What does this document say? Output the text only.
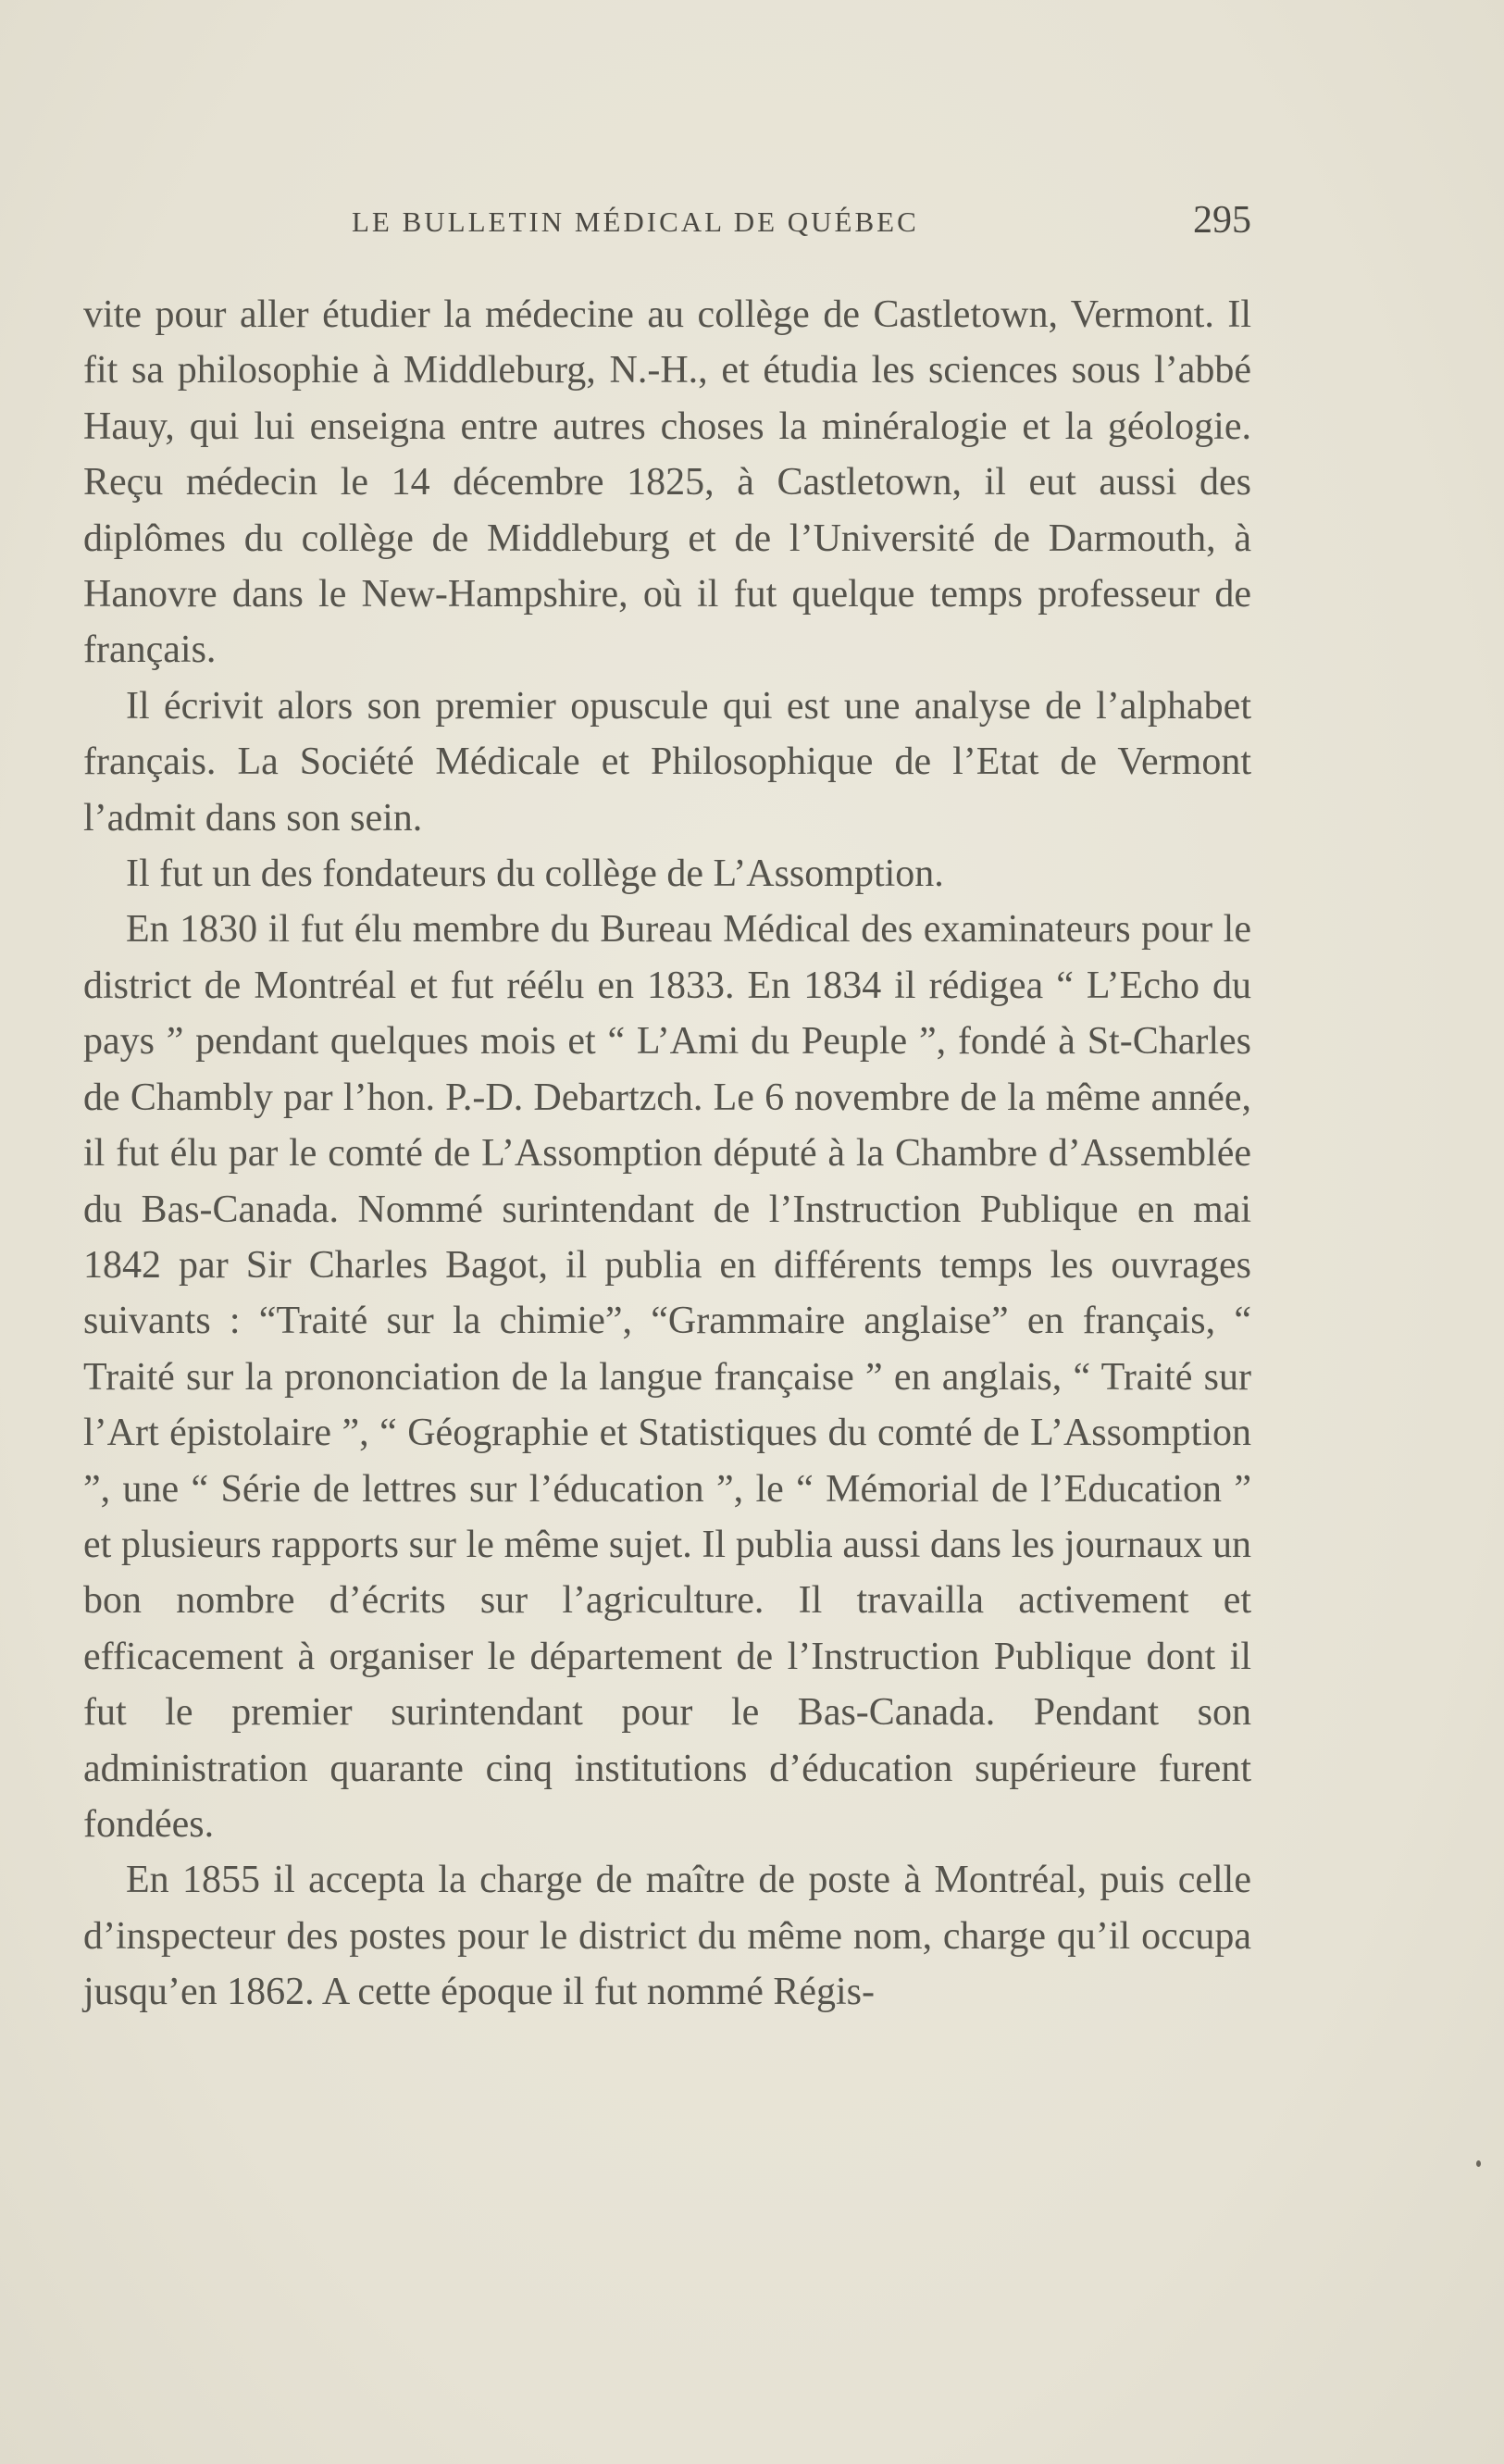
LE BULLETIN MÉDICAL DE QUÉBEC	295

vite pour aller étudier la médecine au collège de Castletown, Vermont. Il fit sa philosophie à Middleburg, N.-H., et étudia les sciences sous l’abbé Hauy, qui lui enseigna entre autres choses la minéralogie et la géologie. Reçu médecin le 14 décembre 1825, à Castletown, il eut aussi des diplômes du collège de Middleburg et de l’Université de Darmouth, à Hanovre dans le New-Hampshire, où il fut quelque temps professeur de français.

Il écrivit alors son premier opuscule qui est une analyse de l’alphabet français. La Société Médicale et Philosophique de l’Etat de Vermont l’admit dans son sein.

Il fut un des fondateurs du collège de L’Assomption.

En 1830 il fut élu membre du Bureau Médical des examinateurs pour le district de Montréal et fut réélu en 1833. En 1834 il rédigea “ L’Echo du pays ” pendant quelques mois et “ L’Ami du Peuple ”, fondé à St-Charles de Chambly par l’hon. P.-D. Debartzch. Le 6 novembre de la même année, il fut élu par le comté de L’Assomption député à la Chambre d’Assemblée du Bas-Canada. Nommé surintendant de l’Instruction Publique en mai 1842 par Sir Charles Bagot, il publia en différents temps les ouvrages suivants : “Traité sur la chimie”, “Grammaire anglaise” en français, “ Traité sur la prononciation de la langue française ” en anglais, “ Traité sur l’Art épistolaire ”, “ Géographie et Statistiques du comté de L’Assomption ”, une “ Série de lettres sur l’éducation ”, le “ Mémorial de l’Education ” et plusieurs rapports sur le même sujet. Il publia aussi dans les journaux un bon nombre d’écrits sur l’agriculture. Il travailla activement et efficacement à organiser le département de l’Instruction Publique dont il fut le premier surintendant pour le Bas-Canada. Pendant son administration quarante cinq institutions d’éducation supérieure furent fondées.

En 1855 il accepta la charge de maître de poste à Montréal, puis celle d’inspecteur des postes pour le district du même nom, charge qu’il occupa jusqu’en 1862. A cette époque il fut nommé Régis-
